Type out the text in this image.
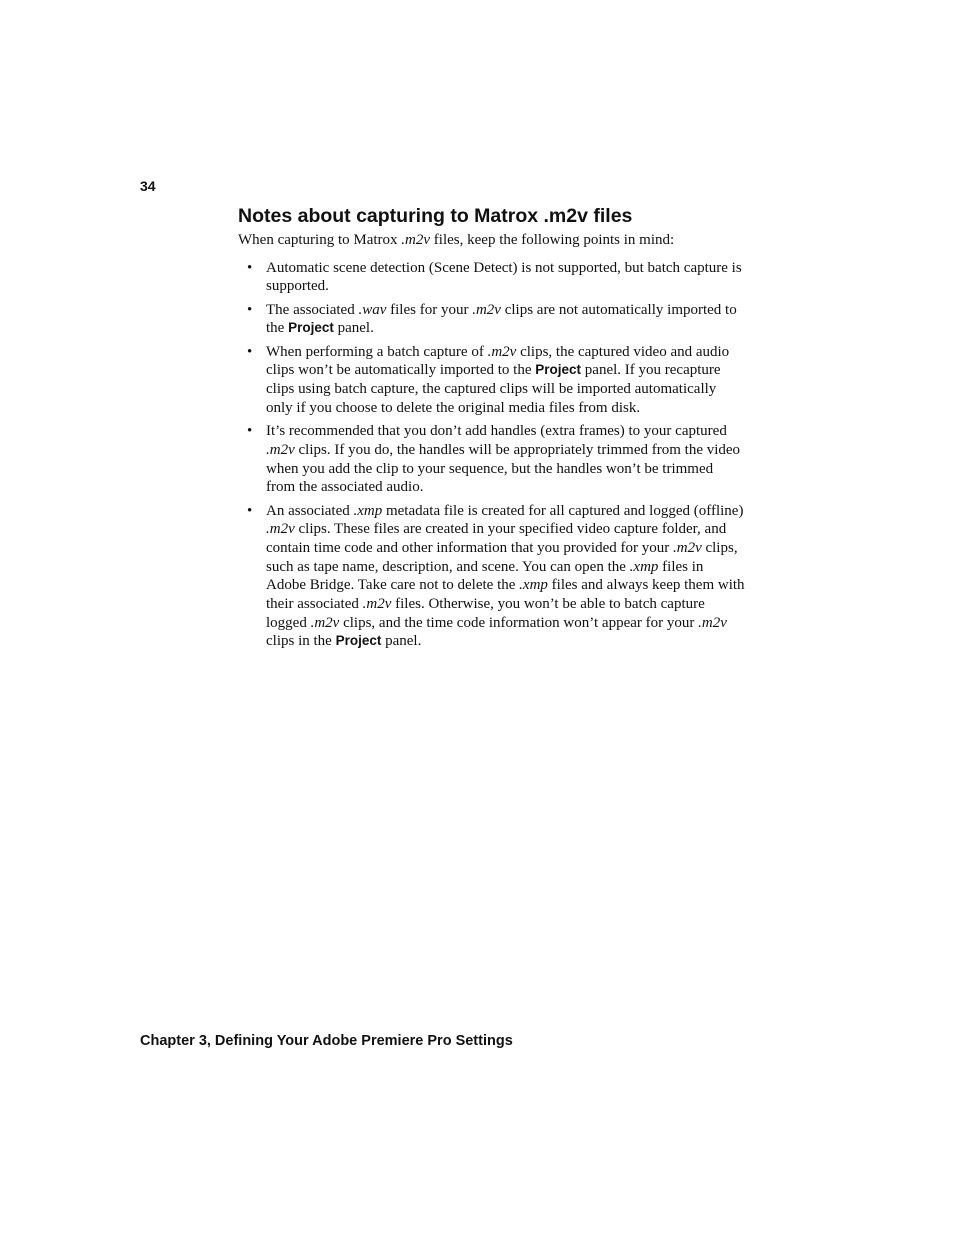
34
Notes about capturing to Matrox .m2v files

When capturing to Matrox .m2v files, keep the following points in mind:

• Automatic scene detection (Scene Detect) is not supported, but batch capture is supported.
• The associated .wav files for your .m2v clips are not automatically imported to the Project panel.
• When performing a batch capture of .m2v clips, the captured video and audio clips won’t be automatically imported to the Project panel. If you recapture clips using batch capture, the captured clips will be imported automatically only if you choose to delete the original media files from disk.
• It’s recommended that you don’t add handles (extra frames) to your captured .m2v clips. If you do, the handles will be appropriately trimmed from the video when you add the clip to your sequence, but the handles won’t be trimmed from the associated audio.
• An associated .xmp metadata file is created for all captured and logged (offline) .m2v clips. These files are created in your specified video capture folder, and contain time code and other information that you provided for your .m2v clips, such as tape name, description, and scene. You can open the .xmp files in Adobe Bridge. Take care not to delete the .xmp files and always keep them with their associated .m2v files. Otherwise, you won’t be able to batch capture logged .m2v clips, and the time code information won’t appear for your .m2v clips in the Project panel.
Chapter 3, Defining Your Adobe Premiere Pro Settings
